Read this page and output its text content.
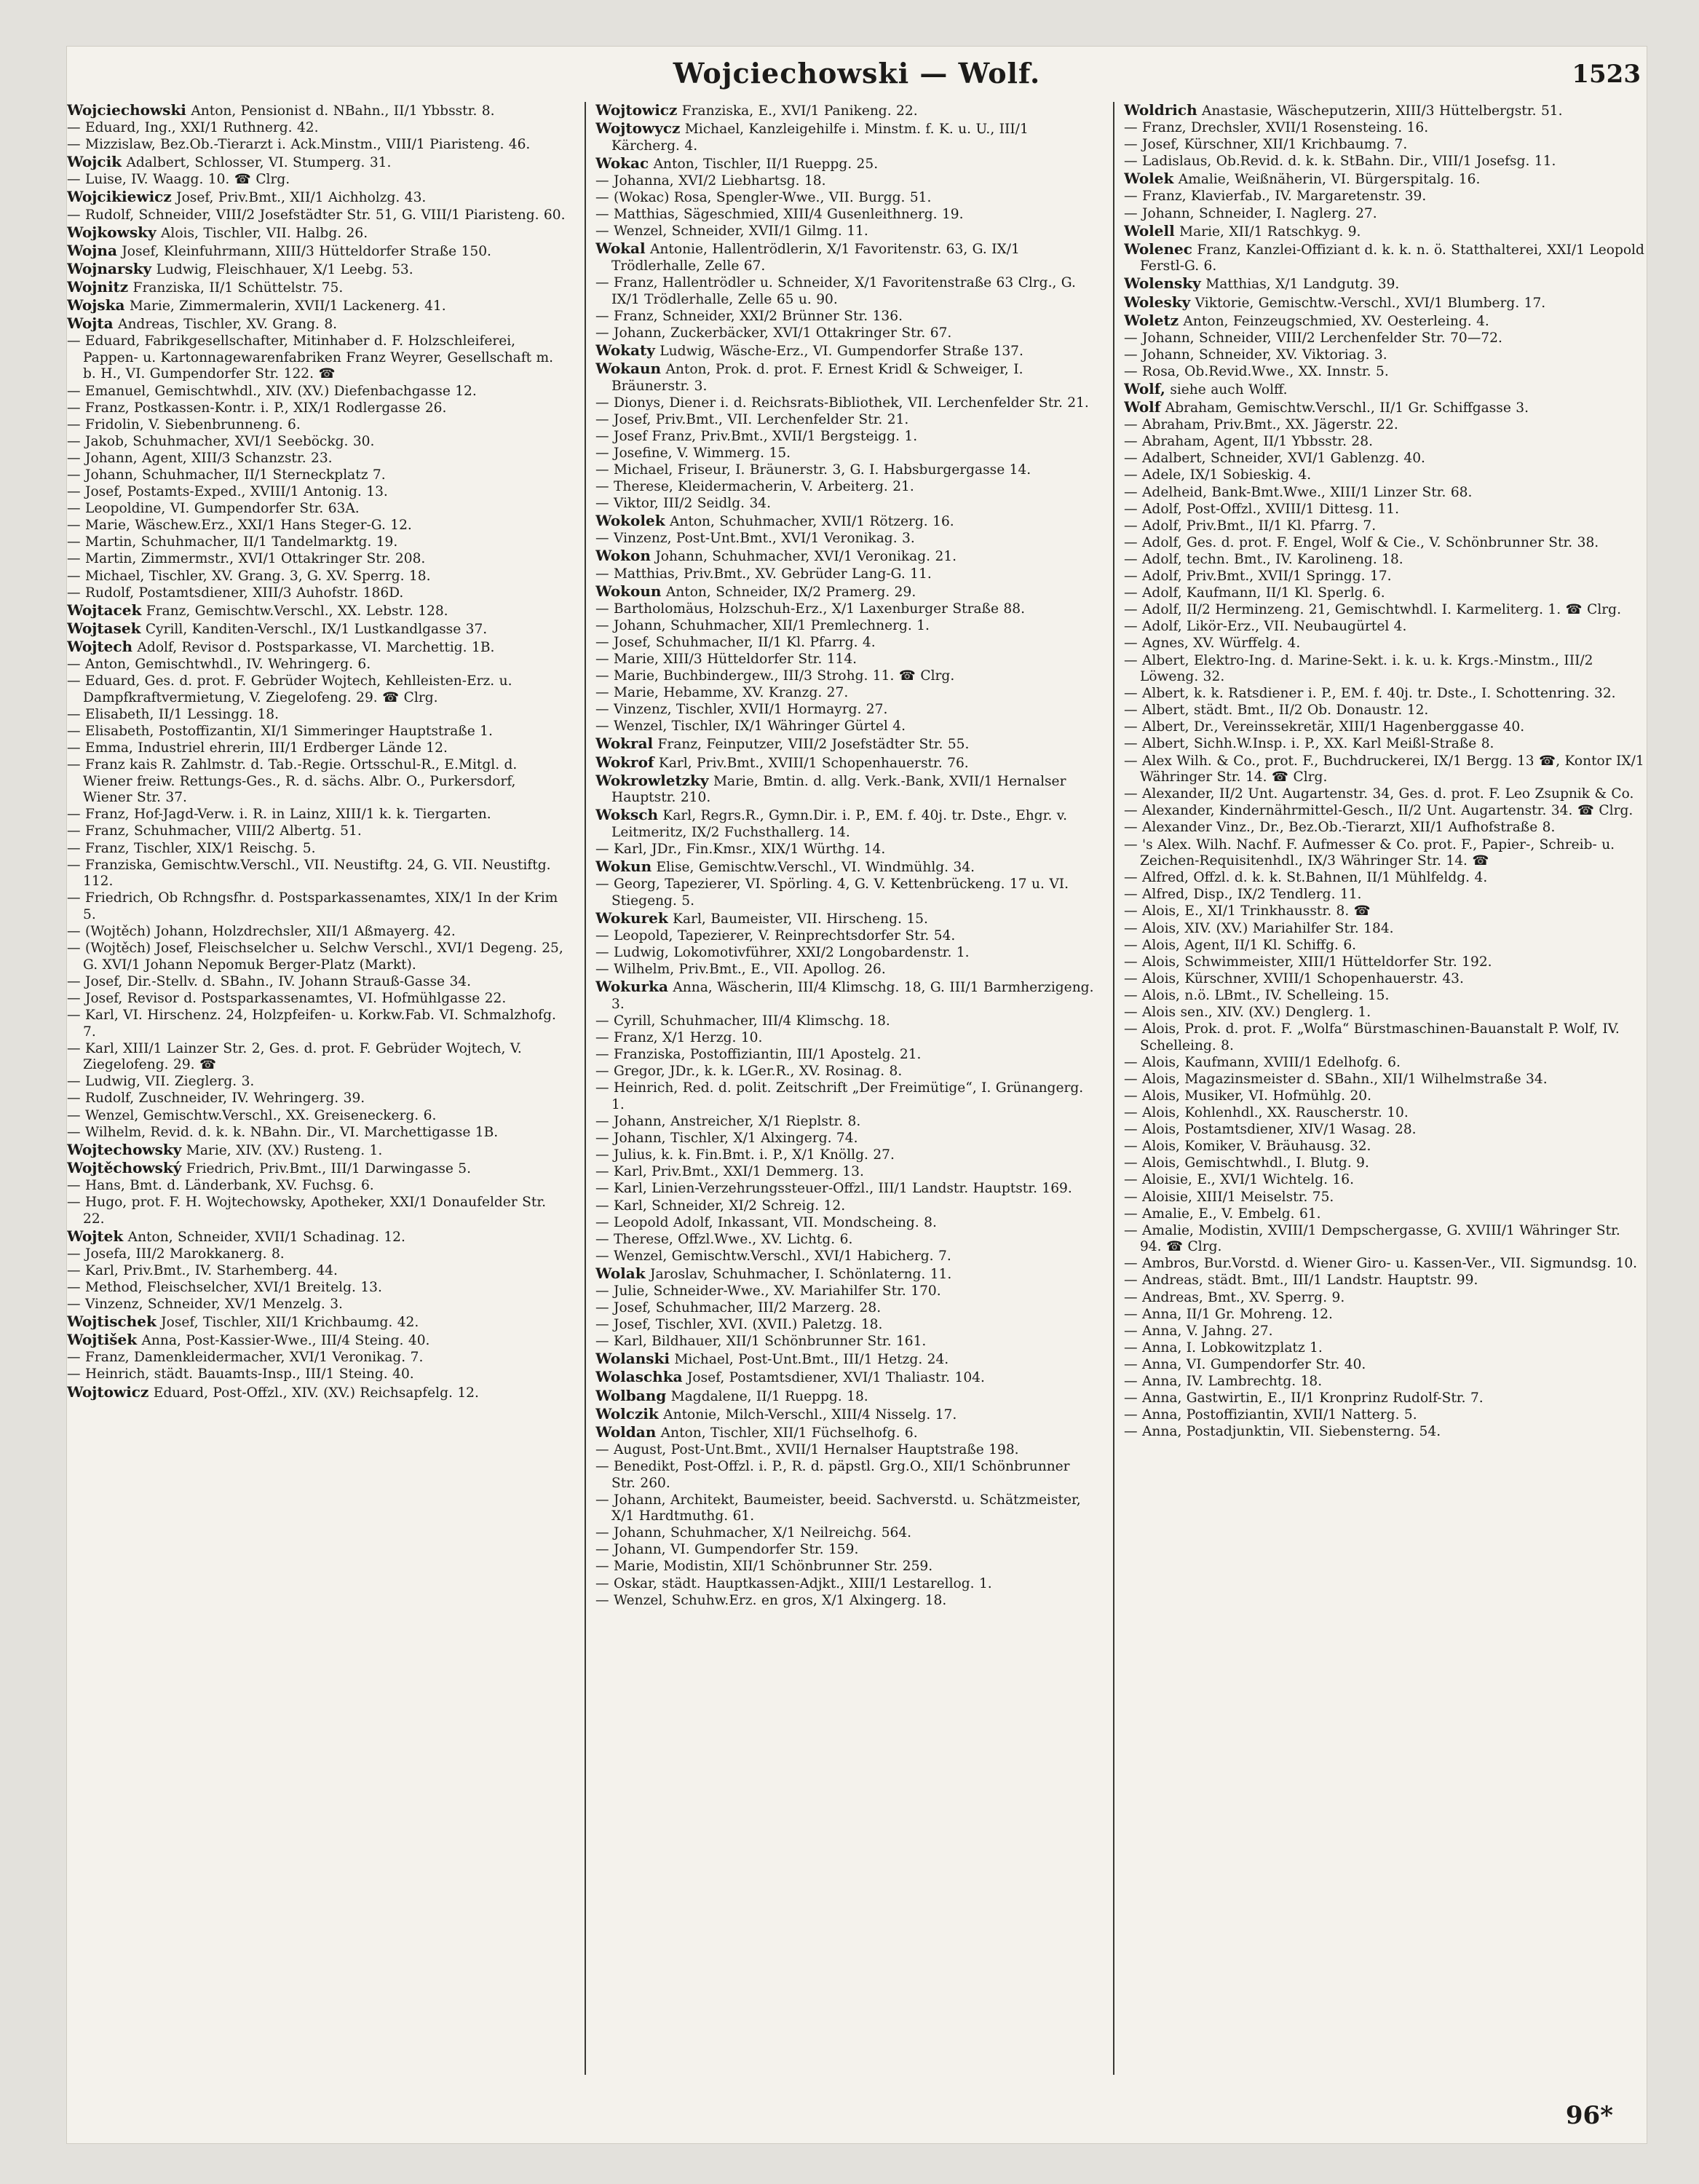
Wojciechowski — Wolf.	1523
Wojciechowski Anton, Pensionist d. NBahn., II/1 Ybbsstr. 8.
— Eduard, Ing., XXI/1 Ruthnerg. 42.
— Mizzislaw, Bez.Ob.-Tierarzt i. Ack.Minstm., VIII/1 Piaristeng. 46.
Wojcik Adalbert, Schlosser, VI. Stumperg. 31.
— Luise, IV. Waagg. 10. ☎ Clrg.
Wojcikiewicz Josef, Priv.Bmt., XII/1 Aichholzg. 43.
— Rudolf, Schneider, VIII/2 Josefstädter Str. 51, G. VIII/1 Piaristeng. 60.
Wojkowsky Alois, Tischler, VII. Halbg. 26.
Wojna Josef, Kleinfuhrmann, XIII/3 Hütteldorfer Straße 150.
Wojnarsky Ludwig, Fleischhauer, X/1 Leebg. 53.
Wojnitz Franziska, II/1 Schüttelstr. 75.
Wojska Marie, Zimmermalerin, XVII/1 Lackenerg. 41.
Wojta Andreas, Tischler, XV. Grang. 8.
— Eduard, Fabrikgesellschafter, Mitinhaber d. F. Holzschleiferei, Pappen- u. Kartonnagewarenfabriken Franz Weyrer, Gesellschaft m. b. H., VI. Gumpendorfer Str. 122. ☎
— Emanuel, Gemischtwhdl., XIV. (XV.) Diefenbachgasse 12.
— Franz, Postkassen-Kontr. i. P., XIX/1 Rodlergasse 26.
— Fridolin, V. Siebenbrunneng. 6.
— Jakob, Schuhmacher, XVI/1 Seeböckg. 30.
— Johann, Agent, XIII/3 Schanzstr. 23.
— Johann, Schuhmacher, II/1 Sterneckplatz 7.
— Josef, Postamts-Exped., XVIII/1 Antonig. 13.
— Leopoldine, VI. Gumpendorfer Str. 63A.
— Marie, Wäschew.Erz., XXI/1 Hans Steger-G. 12.
— Martin, Schuhmacher, II/1 Tandelmarktg. 19.
— Martin, Zimmermstr., XVI/1 Ottakringer Str. 208.
— Michael, Tischler, XV. Grang. 3, G. XV. Sperrg. 18.
— Rudolf, Postamtsdiener, XIII/3 Auhofstr. 186D.
Wojtacek Franz, Gemischtw.Verschl., XX. Lebstr. 128.
Wojtasek Cyrill, Kanditen-Verschl., IX/1 Lustkandlgasse 37.
Wojtech Adolf, Revisor d. Postsparkasse, VI. Marchettig. 1B.
— Anton, Gemischtwhdl., IV. Wehringerg. 6.
— Eduard, Ges. d. prot. F. Gebrüder Wojtech, Kehlleisten-Erz. u. Dampfkraftvermietung, V. Ziegelofeng. 29. ☎ Clrg.
— Elisabeth, II/1 Lessingg. 18.
— Elisabeth, Postoffizantin, XI/1 Simmeringer Hauptstraße 1.
— Emma, Industriel ehrerin, III/1 Erdberger Lände 12.
— Franz kais R. Zahlmstr. d. Tab.-Regie. Ortsschul-R., E.Mitgl. d. Wiener freiw. Rettungs-Ges., R. d. sächs. Albr. O., Purkersdorf, Wiener Str. 37.
— Franz, Hof-Jagd-Verw. i. R. in Lainz, XIII/1 k. k. Tiergarten.
— Franz, Schuhmacher, VIII/2 Albertg. 51.
— Franz, Tischler, XIX/1 Reischg. 5.
— Franziska, Gemischtw.Verschl., VII. Neustiftg. 24, G. VII. Neustiftg. 112.
— Friedrich, Ob Rchngsfhr. d. Postsparkassenamtes, XIX/1 In der Krim 5.
— (Wojtěch) Johann, Holzdrechsler, XII/1 Aßmayerg. 42.
— (Wojtěch) Josef, Fleischselcher u. Selchw Verschl., XVI/1 Degeng. 25, G. XVI/1 Johann Nepomuk Berger-Platz (Markt).
— Josef, Dir.-Stellv. d. SBahn., IV. Johann Strauß-Gasse 34.
— Josef, Revisor d. Postsparkassenamtes, VI. Hofmühlgasse 22.
— Karl, VI. Hirschenz. 24, Holzpfeifen- u. Korkw.Fab. VI. Schmalzhofg. 7.
— Karl, XIII/1 Lainzer Str. 2, Ges. d. prot. F. Gebrüder Wojtech, V. Ziegelofeng. 29. ☎
— Ludwig, VII. Zieglerg. 3.
— Rudolf, Zuschneider, IV. Wehringerg. 39.
— Wenzel, Gemischtw.Verschl., XX. Greiseneckerg. 6.
— Wilhelm, Revid. d. k. k. NBahn. Dir., VI. Marchettigasse 1B.
Wojtechowsky Marie, XIV. (XV.) Rusteng. 1.
Wojtěchowský Friedrich, Priv.Bmt., III/1 Darwingasse 5.
— Hans, Bmt. d. Länderbank, XV. Fuchsg. 6.
— Hugo, prot. F. H. Wojtechowsky, Apotheker, XXI/1 Donaufelder Str. 22.
Wojtek Anton, Schneider, XVII/1 Schadinag. 12.
— Josefa, III/2 Marokkanerg. 8.
— Karl, Priv.Bmt., IV. Starhemberg. 44.
— Method, Fleischselcher, XVI/1 Breitelg. 13.
— Vinzenz, Schneider, XV/1 Menzelg. 3.
Wojtischek Josef, Tischler, XII/1 Krichbaumg. 42.
Wojtišek Anna, Post-Kassier-Wwe., III/4 Steing. 40.
— Franz, Damenkleidermacher, XVI/1 Veronikag. 7.
— Heinrich, städt. Bauamts-Insp., III/1 Steing. 40.
Wojtowicz Eduard, Post-Offzl., XIV. (XV.) Reichsapfelg. 12.
Wojtowicz Franziska, E., XVI/1 Panikeng. 22.
Wojtowycz Michael, Kanzleigehilfe i. Minstm. f. K. u. U., III/1 Kärcherg. 4.
Wokac Anton, Tischler, II/1 Rueppg. 25.
— Johanna, XVI/2 Liebhartsg. 18.
— (Wokac) Rosa, Spengler-Wwe., VII. Burgg. 51.
— Matthias, Sägeschmied, XIII/4 Gusenleithnerg. 19.
— Wenzel, Schneider, XVII/1 Gilmg. 11.
Wokal Antonie, Hallentrödlerin, X/1 Favoritenstr. 63, G. IX/1 Trödlerhalle, Zelle 67.
— Franz, Hallentrödler u. Schneider, X/1 Favoritenstraße 63 Clrg., G. IX/1 Trödlerhalle, Zelle 65 u. 90.
— Franz, Schneider, XXI/2 Brünner Str. 136.
— Johann, Zuckerbäcker, XVI/1 Ottakringer Str. 67.
Wokaty Ludwig, Wäsche-Erz., VI. Gumpendorfer Straße 137.
Wokaun Anton, Prok. d. prot. F. Ernest Kridl & Schweiger, I. Bräunerstr. 3.
— Dionys, Diener i. d. Reichsrats-Bibliothek, VII. Lerchenfelder Str. 21.
— Josef, Priv.Bmt., VII. Lerchenfelder Str. 21.
— Josef Franz, Priv.Bmt., XVII/1 Bergsteigg. 1.
— Josefine, V. Wimmerg. 15.
— Michael, Friseur, I. Bräunerstr. 3, G. I. Habsburgergasse 14.
— Therese, Kleidermacherin, V. Arbeiterg. 21.
— Viktor, III/2 Seidlg. 34.
Wokolek Anton, Schuhmacher, XVII/1 Rötzerg. 16.
— Vinzenz, Post-Unt.Bmt., XVI/1 Veronikag. 3.
Wokon Johann, Schuhmacher, XVI/1 Veronikag. 21.
— Matthias, Priv.Bmt., XV. Gebrüder Lang-G. 11.
Wokoun Anton, Schneider, IX/2 Pramerg. 29.
— Bartholomäus, Holzschuh-Erz., X/1 Laxenburger Straße 88.
— Johann, Schuhmacher, XII/1 Premlechnerg. 1.
— Josef, Schuhmacher, II/1 Kl. Pfarrg. 4.
— Marie, XIII/3 Hütteldorfer Str. 114.
— Marie, Buchbindergew., III/3 Strohg. 11. ☎ Clrg.
— Marie, Hebamme, XV. Kranzg. 27.
— Vinzenz, Tischler, XVII/1 Hormayrg. 27.
— Wenzel, Tischler, IX/1 Währinger Gürtel 4.
Wokral Franz, Feinputzer, VIII/2 Josefstädter Str. 55.
Wokrof Karl, Priv.Bmt., XVIII/1 Schopenhauerstr. 76.
Wokrowletzky Marie, Bmtin. d. allg. Verk.-Bank, XVII/1 Hernalser Hauptstr. 210.
Woksch Karl, Regrs.R., Gymn.Dir. i. P., EM. f. 40j. tr. Dste., Ehgr. v. Leitmeritz, IX/2 Fuchsthallerg. 14.
— Karl, JDr., Fin.Kmsr., XIX/1 Würthg. 14.
Wokun Elise, Gemischtw.Verschl., VI. Windmühlg. 34.
— Georg, Tapezierer, VI. Spörling. 4, G. V. Kettenbrückeng. 17 u. VI. Stiegeng. 5.
Wokurek Karl, Baumeister, VII. Hirscheng. 15.
— Leopold, Tapezierer, V. Reinprechtsdorfer Str. 54.
— Ludwig, Lokomotivführer, XXI/2 Longobardenstr. 1.
— Wilhelm, Priv.Bmt., E., VII. Apollog. 26.
Wokurka Anna, Wäscherin, III/4 Klimschg. 18, G. III/1 Barmherzigeng. 3.
— Cyrill, Schuhmacher, III/4 Klimschg. 18.
— Franz, X/1 Herzg. 10.
— Franziska, Postoffiziantin, III/1 Apostelg. 21.
— Gregor, JDr., k. k. LGer.R., XV. Rosinag. 8.
— Heinrich, Red. d. polit. Zeitschrift „Der Freimütige“, I. Grünangerg. 1.
— Johann, Anstreicher, X/1 Rieplstr. 8.
— Johann, Tischler, X/1 Alxingerg. 74.
— Julius, k. k. Fin.Bmt. i. P., X/1 Knöllg. 27.
— Karl, Priv.Bmt., XXI/1 Demmerg. 13.
— Karl, Linien-Verzehrungssteuer-Offzl., III/1 Landstr. Hauptstr. 169.
— Karl, Schneider, XI/2 Schreig. 12.
— Leopold Adolf, Inkassant, VII. Mondscheing. 8.
— Therese, Offzl.Wwe., XV. Lichtg. 6.
— Wenzel, Gemischtw.Verschl., XVI/1 Habicherg. 7.
Wolak Jaroslav, Schuhmacher, I. Schönlaterng. 11.
— Julie, Schneider-Wwe., XV. Mariahilfer Str. 170.
— Josef, Schuhmacher, III/2 Marzerg. 28.
— Josef, Tischler, XVI. (XVII.) Paletzg. 18.
— Karl, Bildhauer, XII/1 Schönbrunner Str. 161.
Wolanski Michael, Post-Unt.Bmt., III/1 Hetzg. 24.
Wolaschka Josef, Postamtsdiener, XVI/1 Thaliastr. 104.
Wolbang Magdalene, II/1 Rueppg. 18.
Wolczik Antonie, Milch-Verschl., XIII/4 Nisselg. 17.
Woldan Anton, Tischler, XII/1 Füchselhofg. 6.
— August, Post-Unt.Bmt., XVII/1 Hernalser Hauptstraße 198.
— Benedikt, Post-Offzl. i. P., R. d. päpstl. Grg.O., XII/1 Schönbrunner Str. 260.
— Johann, Architekt, Baumeister, beeid. Sachverstd. u. Schätzmeister, X/1 Hardtmuthg. 61.
— Johann, Schuhmacher, X/1 Neilreichg. 564.
— Johann, VI. Gumpendorfer Str. 159.
— Marie, Modistin, XII/1 Schönbrunner Str. 259.
— Oskar, städt. Hauptkassen-Adjkt., XIII/1 Lestarellog. 1.
— Wenzel, Schuhw.Erz. en gros, X/1 Alxingerg. 18.
Woldrich Anastasie, Wäscheputzerin, XIII/3 Hüttelbergstr. 51.
— Franz, Drechsler, XVII/1 Rosensteing. 16.
— Josef, Kürschner, XII/1 Krichbaumg. 7.
— Ladislaus, Ob.Revid. d. k. k. StBahn. Dir., VIII/1 Josefsg. 11.
Wolek Amalie, Weißnäherin, VI. Bürgerspitalg. 16.
— Franz, Klavierfab., IV. Margaretenstr. 39.
— Johann, Schneider, I. Naglerg. 27.
Wolell Marie, XII/1 Ratschkyg. 9.
Wolenec Franz, Kanzlei-Offiziant d. k. k. n. ö. Statthalterei, XXI/1 Leopold Ferstl-G. 6.
Wolensky Matthias, X/1 Landgutg. 39.
Wolesky Viktorie, Gemischtw.-Verschl., XVI/1 Blumberg. 17.
Woletz Anton, Feinzeugschmied, XV. Oesterleing. 4.
— Johann, Schneider, VIII/2 Lerchenfelder Str. 70—72.
— Johann, Schneider, XV. Viktoriag. 3.
— Rosa, Ob.Revid.Wwe., XX. Innstr. 5.
Wolf, siehe auch Wolff.
Wolf Abraham, Gemischtw.Verschl., II/1 Gr. Schiffgasse 3.
— Abraham, Priv.Bmt., XX. Jägerstr. 22.
— Abraham, Agent, II/1 Ybbsstr. 28.
— Adalbert, Schneider, XVI/1 Gablenzg. 40.
— Adele, IX/1 Sobieskig. 4.
— Adelheid, Bank-Bmt.Wwe., XIII/1 Linzer Str. 68.
— Adolf, Post-Offzl., XVIII/1 Dittesg. 11.
— Adolf, Priv.Bmt., II/1 Kl. Pfarrg. 7.
— Adolf, Ges. d. prot. F. Engel, Wolf & Cie., V. Schönbrunner Str. 38.
— Adolf, techn. Bmt., IV. Karolineng. 18.
— Adolf, Priv.Bmt., XVII/1 Springg. 17.
— Adolf, Kaufmann, II/1 Kl. Sperlg. 6.
— Adolf, II/2 Herminzeng. 21, Gemischtwhdl. I. Karmeliterg. 1. ☎ Clrg.
— Adolf, Likör-Erz., VII. Neubaugürtel 4.
— Agnes, XV. Würffelg. 4.
— Albert, Elektro-Ing. d. Marine-Sekt. i. k. u. k. Krgs.-Minstm., III/2 Löweng. 32.
— Albert, k. k. Ratsdiener i. P., EM. f. 40j. tr. Dste., I. Schottenring. 32.
— Albert, städt. Bmt., II/2 Ob. Donaustr. 12.
— Albert, Dr., Vereinssekretär, XIII/1 Hagenberggasse 40.
— Albert, Sichh.W.Insp. i. P., XX. Karl Meißl-Straße 8.
— Alex Wilh. & Co., prot. F., Buchdruckerei, IX/1 Bergg. 13 ☎, Kontor IX/1 Währinger Str. 14. ☎ Clrg.
— Alexander, II/2 Unt. Augartenstr. 34, Ges. d. prot. F. Leo Zsupnik & Co.
— Alexander, Kindernährmittel-Gesch., II/2 Unt. Augartenstr. 34. ☎ Clrg.
— Alexander Vinz., Dr., Bez.Ob.-Tierarzt, XII/1 Aufhofstraße 8.
— 's Alex. Wilh. Nachf. F. Aufmesser & Co. prot. F., Papier-, Schreib- u. Zeichen-Requisitenhdl., IX/3 Währinger Str. 14. ☎
— Alfred, Offzl. d. k. k. St.Bahnen, II/1 Mühlfeldg. 4.
— Alfred, Disp., IX/2 Tendlerg. 11.
— Alois, E., XI/1 Trinkhausstr. 8. ☎
— Alois, XIV. (XV.) Mariahilfer Str. 184.
— Alois, Agent, II/1 Kl. Schiffg. 6.
— Alois, Schwimmeister, XIII/1 Hütteldorfer Str. 192.
— Alois, Kürschner, XVIII/1 Schopenhauerstr. 43.
— Alois, n.ö. LBmt., IV. Schelleing. 15.
— Alois sen., XIV. (XV.) Denglerg. 1.
— Alois, Prok. d. prot. F. „Wolfa“ Bürstmaschinen-Bauanstalt P. Wolf, IV. Schelleing. 8.
— Alois, Kaufmann, XVIII/1 Edelhofg. 6.
— Alois, Magazinsmeister d. SBahn., XII/1 Wilhelmstraße 34.
— Alois, Musiker, VI. Hofmühlg. 20.
— Alois, Kohlenhdl., XX. Rauscherstr. 10.
— Alois, Postamtsdiener, XIV/1 Wasag. 28.
— Alois, Komiker, V. Bräuhausg. 32.
— Alois, Gemischtwhdl., I. Blutg. 9.
— Aloisie, E., XVI/1 Wichtelg. 16.
— Aloisie, XIII/1 Meiselstr. 75.
— Amalie, E., V. Embelg. 61.
— Amalie, Modistin, XVIII/1 Dempschergasse, G. XVIII/1 Währinger Str. 94. ☎ Clrg.
— Ambros, Bur.Vorstd. d. Wiener Giro- u. Kassen-Ver., VII. Sigmundsg. 10.
— Andreas, städt. Bmt., III/1 Landstr. Hauptstr. 99.
— Andreas, Bmt., XV. Sperrg. 9.
— Anna, II/1 Gr. Mohreng. 12.
— Anna, V. Jahng. 27.
— Anna, I. Lobkowitzplatz 1.
— Anna, VI. Gumpendorfer Str. 40.
— Anna, IV. Lambrechtg. 18.
— Anna, Gastwirtin, E., II/1 Kronprinz Rudolf-Str. 7.
— Anna, Postoffiziantin, XVII/1 Natterg. 5.
— Anna, Postadjunktin, VII. Siebensterng. 54.
96*
